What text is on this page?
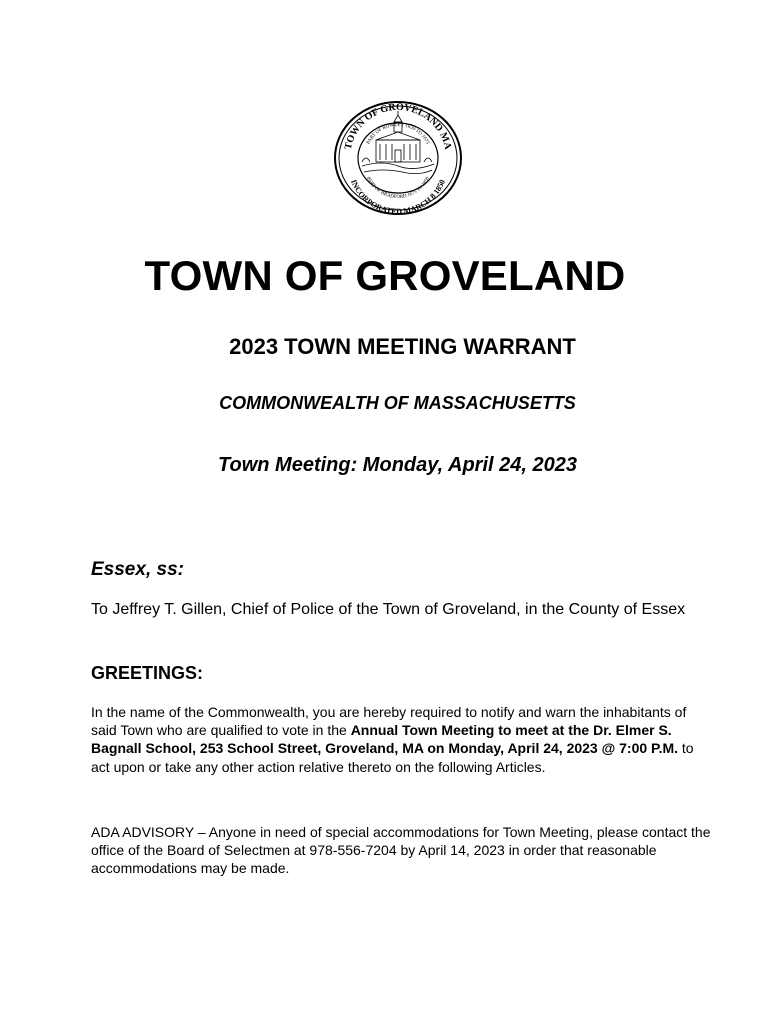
TOWN OF GROVELAND MA
PART OF ROWLEY 1639 TO 1675
PART OF BRADFORD 1675 TO 1850
INCORPORATED MARCH 8 1850
TOWN OF GROVELAND
2023 TOWN MEETING WARRANT
COMMONWEALTH OF MASSACHUSETTS
Town Meeting: Monday, April 24, 2023
Essex, ss:
To Jeffrey T. Gillen, Chief of Police of the Town of Groveland, in the County of Essex
GREETINGS:
In the name of the Commonwealth, you are hereby required to notify and warn the inhabitants of said Town who are qualified to vote in the Annual Town Meeting to meet at the Dr. Elmer S. Bagnall School, 253 School Street, Groveland, MA on Monday, April 24, 2023 @ 7:00 P.M. to act upon or take any other action relative thereto on the following Articles.
ADA ADVISORY – Anyone in need of special accommodations for Town Meeting, please contact the office of the Board of Selectmen at 978-556-7204 by April 14, 2023 in order that reasonable accommodations may be made.
